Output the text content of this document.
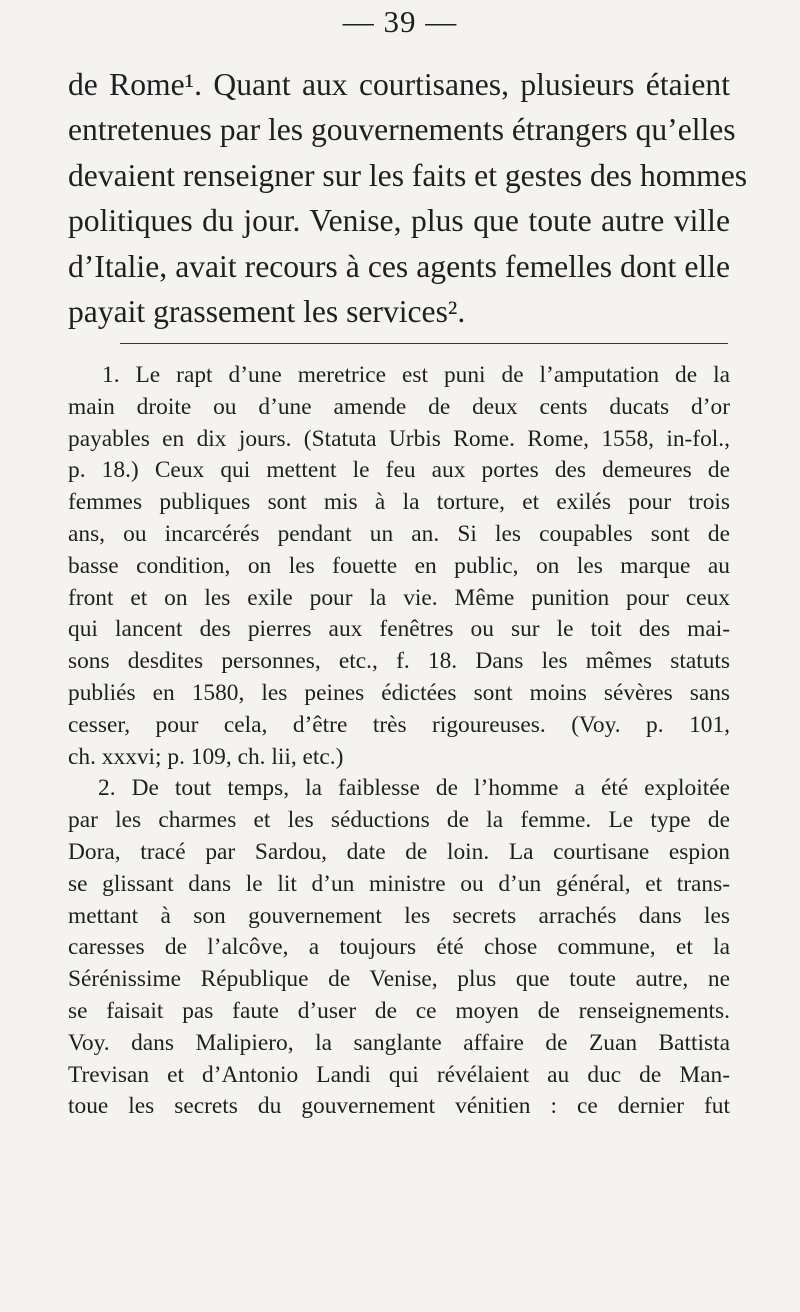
— 39 —
de Rome¹. Quant aux courtisanes, plusieurs étaient
entretenues par les gouvernements étrangers qu’elles
devaient renseigner sur les faits et gestes des hommes
politiques du jour. Venise, plus que toute autre ville
d’Italie, avait recours à ces agents femelles dont elle
payait grassement les services².
1. Le rapt d’une meretrice est puni de l’amputation de la
main droite ou d’une amende de deux cents ducats d’or
payables en dix jours. (Statuta Urbis Rome. Rome, 1558, in-fol.,
p. 18.) Ceux qui mettent le feu aux portes des demeures de
femmes publiques sont mis à la torture, et exilés pour trois
ans, ou incarcérés pendant un an. Si les coupables sont de
basse condition, on les fouette en public, on les marque au
front et on les exile pour la vie. Même punition pour ceux
qui lancent des pierres aux fenêtres ou sur le toit des mai-
sons desdites personnes, etc., f. 18. Dans les mêmes statuts
publiés en 1580, les peines édictées sont moins sévères sans
cesser, pour cela, d’être très rigoureuses. (Voy. p. 101,
ch. xxxvi; p. 109, ch. lii, etc.)
2. De tout temps, la faiblesse de l’homme a été exploitée
par les charmes et les séductions de la femme. Le type de
Dora, tracé par Sardou, date de loin. La courtisane espion
se glissant dans le lit d’un ministre ou d’un général, et trans-
mettant à son gouvernement les secrets arrachés dans les
caresses de l’alcôve, a toujours été chose commune, et la
Sérénissime République de Venise, plus que toute autre, ne
se faisait pas faute d’user de ce moyen de renseignements.
Voy. dans Malipiero, la sanglante affaire de Zuan Battista
Trevisan et d’Antonio Landi qui révélaient au duc de Man-
toue les secrets du gouvernement vénitien : ce dernier fut
